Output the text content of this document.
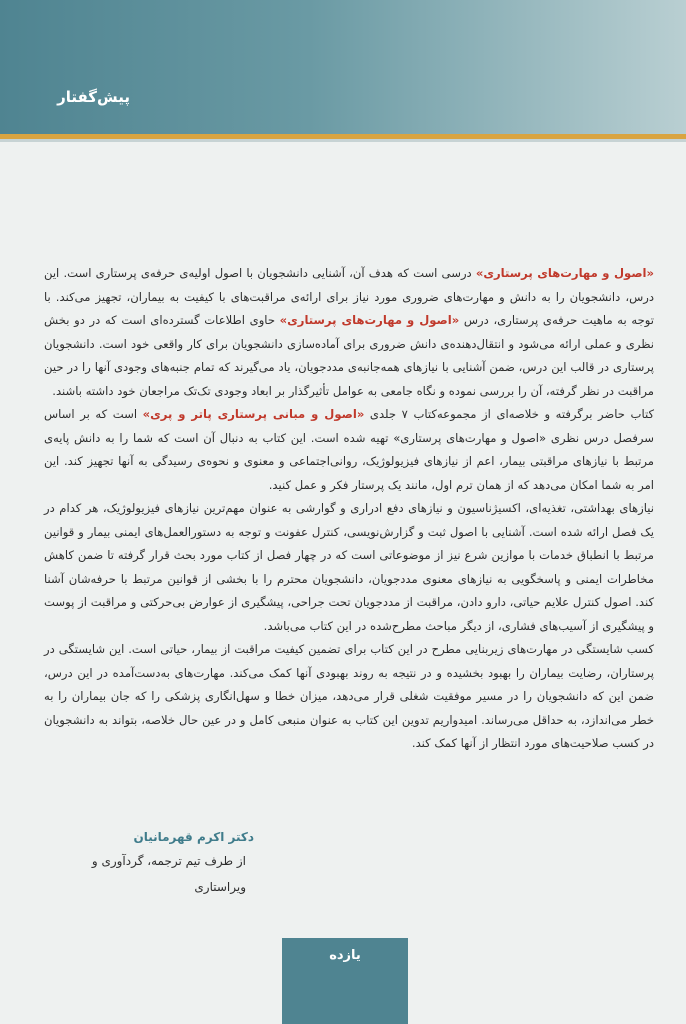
پیش‌گفتار

«اصول و مهارت‌های پرستاری» درسی است که هدف آن، آشنایی دانشجویان با اصول اولیه‌ی حرفه‌ی پرستاری است. این درس، دانشجویان را به دانش و مهارت‌های ضروری مورد نیاز برای ارائه‌ی مراقبت‌های با کیفیت به بیماران، تجهیز می‌کند. با توجه به ماهیت حرفه‌ی پرستاری، درس «اصول و مهارت‌های پرستاری» حاوی اطلاعات گسترده‌ای است که در دو بخش نظری و عملی ارائه می‌شود و انتقال‌دهنده‌ی دانش ضروری برای آماده‌سازی دانشجویان برای کار واقعی خود است. دانشجویان پرستاری در قالب این درس، ضمن آشنایی با نیازهای همه‌جانبه‌ی مددجویان، یاد می‌گیرند که تمام جنبه‌های وجودی آنها را در حین مراقبت در نظر گرفته، آن را بررسی نموده و نگاه جامعی به عوامل تأثیرگذار بر ابعاد وجودی تک‌تک مراجعان خود داشته باشند.

کتاب حاضر برگرفته و خلاصه‌ای از مجموعه‌کتاب ۷ جلدی «اصول و مبانی پرستاری پاتر و پری» است که بر اساس سرفصل درس نظری «اصول و مهارت‌های پرستاری» تهیه شده است. این کتاب به دنبال آن است که شما را به دانش پایه‌ی مرتبط با نیازهای مراقبتی بیمار، اعم از نیازهای فیزیولوژیک، روانی‌اجتماعی و معنوی و نحوه‌ی رسیدگی به آنها تجهیز کند. این امر به شما امکان می‌دهد که از همان ترم اول، مانند یک پرستار فکر و عمل کنید.

نیازهای بهداشتی، تغذیه‌ای، اکسیژناسیون و نیازهای دفع ادراری و گوارشی به عنوان مهم‌ترین نیازهای فیزیولوژیک، هر کدام در یک فصل ارائه شده است. آشنایی با اصول ثبت و گزارش‌نویسی، کنترل عفونت و توجه به دستورالعمل‌های ایمنی بیمار و قوانین مرتبط با انطباق خدمات با موازین شرع نیز از موضوعاتی است که در چهار فصل از کتاب مورد بحث قرار گرفته تا ضمن کاهش مخاطرات ایمنی و پاسخگویی به نیازهای معنوی مددجویان، دانشجویان محترم را با بخشی از قوانین مرتبط با حرفه‌شان آشنا کند. اصول کنترل علایم حیاتی، دارو دادن، مراقبت از مددجویان تحت جراحی، پیشگیری از عوارض بی‌حرکتی و مراقبت از پوست و پیشگیری از آسیب‌های فشاری، از دیگر مباحث مطرح‌شده در این کتاب می‌باشد.

کسب شایستگی در مهارت‌های زیربنایی مطرح در این کتاب برای تضمین کیفیت مراقبت از بیمار، حیاتی است. این شایستگی در پرستاران، رضایت بیماران را بهبود بخشیده و در نتیجه به روند بهبودی آنها کمک می‌کند. مهارت‌های به‌دست‌آمده در این درس، ضمن این که دانشجویان را در مسیر موفقیت شغلی قرار می‌دهد، میزان خطا و سهل‌انگاری پزشکی را که جان بیماران را به خطر می‌اندازد، به حداقل می‌رساند. امیدواریم تدوین این کتاب به عنوان منبعی کامل و در عین حال خلاصه، بتواند به دانشجویان در کسب صلاحیت‌های مورد انتظار از آنها کمک کند.

دکتر اکرم قهرمانیان
از طرف تیم ترجمه، گردآوری و ویراستاری
یازده
